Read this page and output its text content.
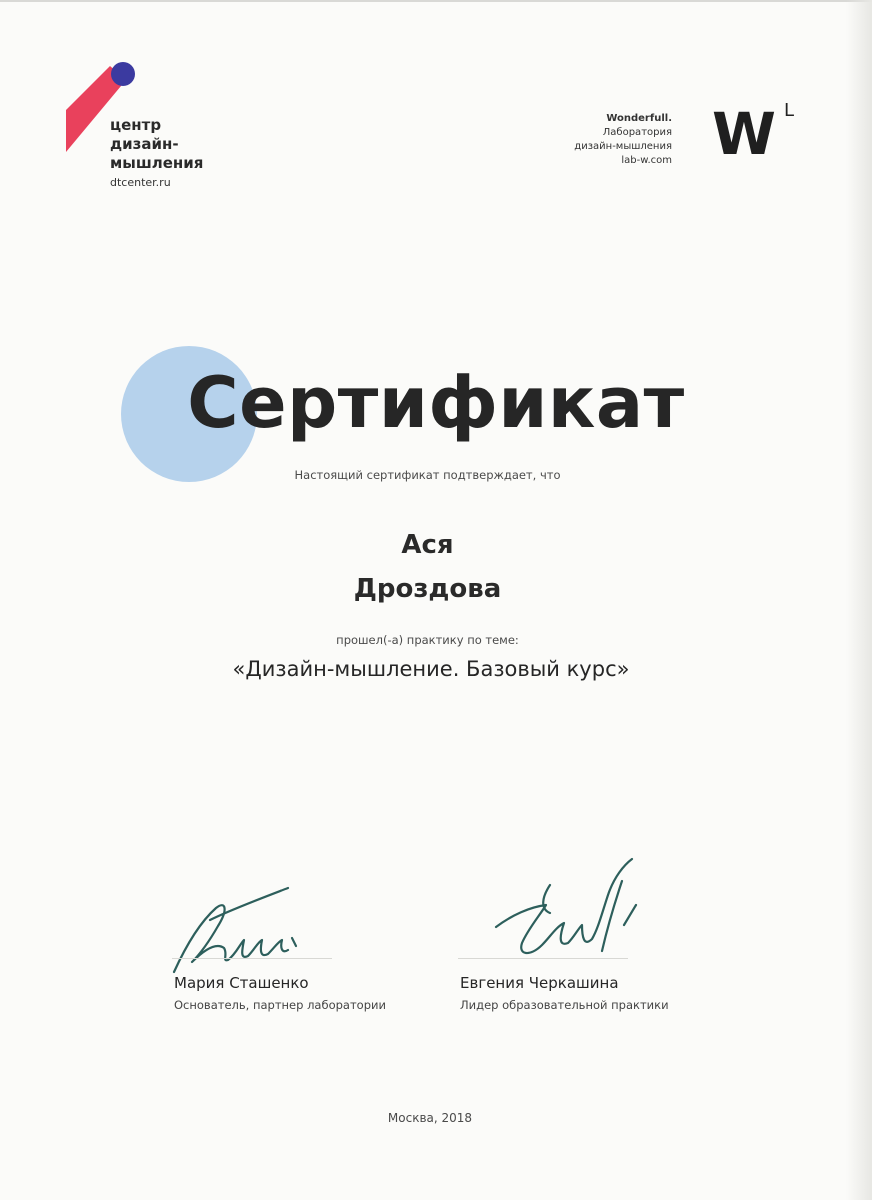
центр
дизайн-
мышления
dtcenter.ru
Wonderfull.
Лаборатория
дизайн-мышления
lab-w.com W L
Сертификат
Настоящий сертификат подтверждает, что
Ася
Дроздова
прошел(-а) практику по теме:
«Дизайн-мышление. Базовый курс»
Мария Сташенко
Основатель, партнер лаборатории
Евгения Черкашина
Лидер образовательной практики
Москва, 2018
